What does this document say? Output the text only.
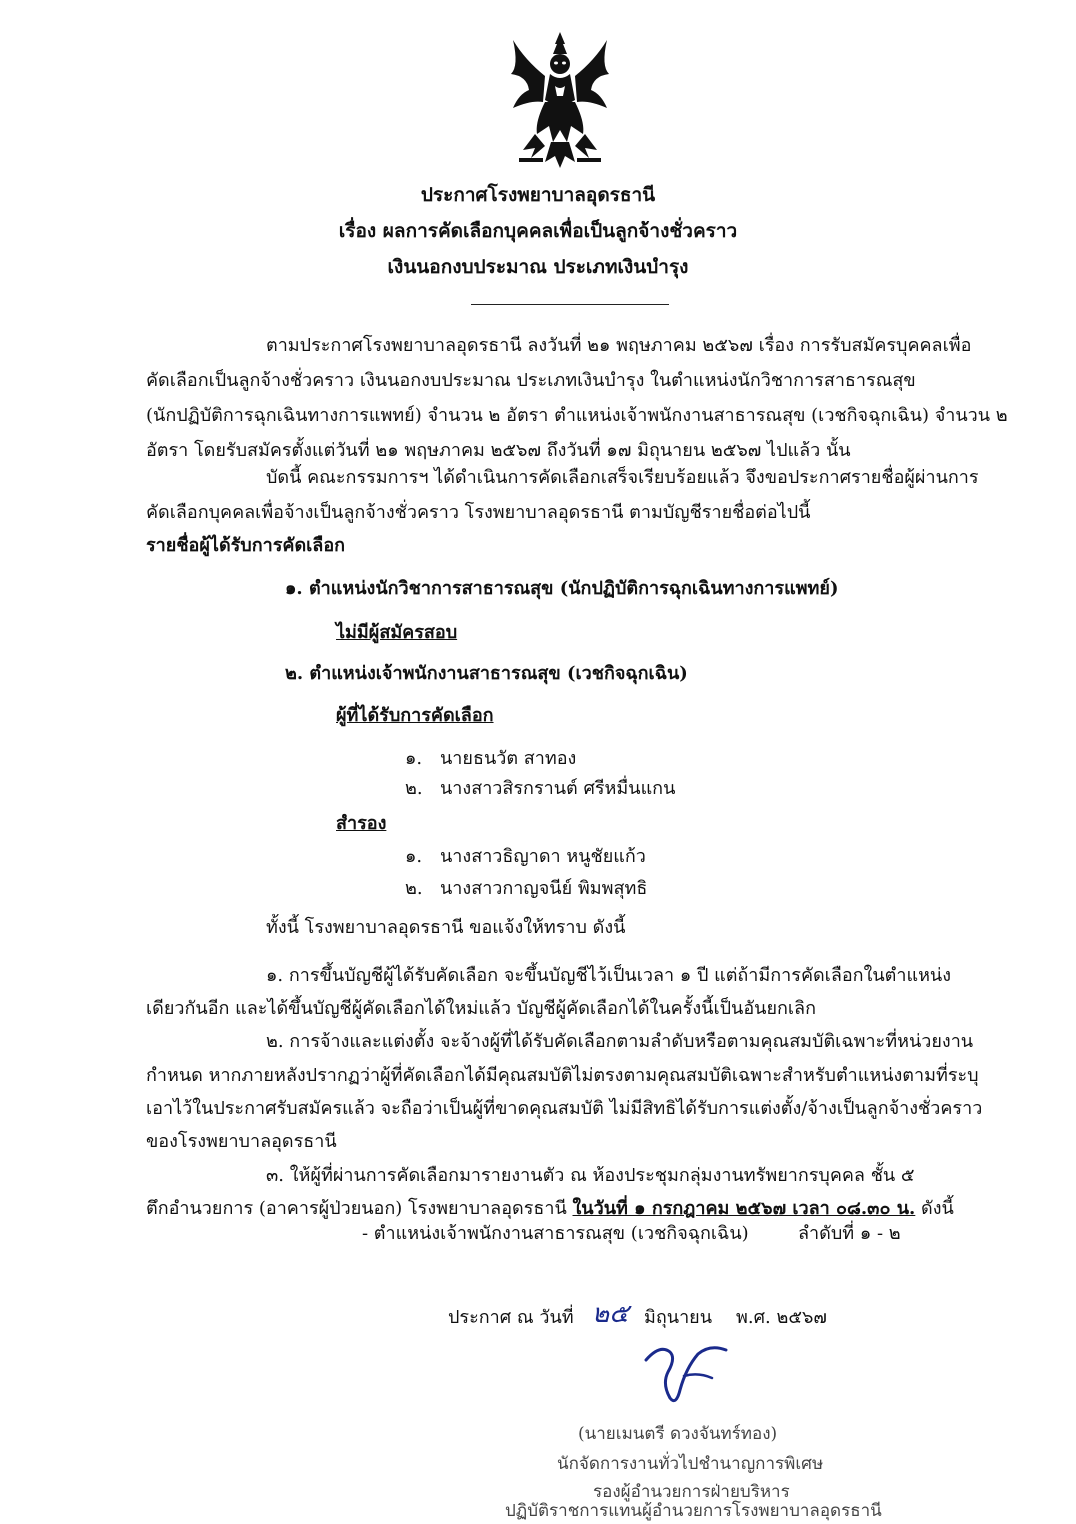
ประกาศโรงพยาบาลอุดรธานี
เรื่อง ผลการคัดเลือกบุคคลเพื่อเป็นลูกจ้างชั่วคราว
เงินนอกงบประมาณ ประเภทเงินบำรุง
ตามประกาศโรงพยาบาลอุดรธานี ลงวันที่ ๒๑ พฤษภาคม ๒๕๖๗ เรื่อง การรับสมัครบุคคลเพื่อ
คัดเลือกเป็นลูกจ้างชั่วคราว เงินนอกงบประมาณ ประเภทเงินบำรุง ในตำแหน่งนักวิชาการสาธารณสุข
(นักปฏิบัติการฉุกเฉินทางการแพทย์) จำนวน ๒ อัตรา ตำแหน่งเจ้าพนักงานสาธารณสุข (เวชกิจฉุกเฉิน) จำนวน ๒
อัตรา โดยรับสมัครตั้งแต่วันที่ ๒๑ พฤษภาคม ๒๕๖๗ ถึงวันที่ ๑๗ มิถุนายน ๒๕๖๗ ไปแล้ว นั้น
บัดนี้ คณะกรรมการฯ ได้ดำเนินการคัดเลือกเสร็จเรียบร้อยแล้ว จึงขอประกาศรายชื่อผู้ผ่านการ
คัดเลือกบุคคลเพื่อจ้างเป็นลูกจ้างชั่วคราว โรงพยาบาลอุดรธานี ตามบัญชีรายชื่อต่อไปนี้
รายชื่อผู้ได้รับการคัดเลือก
๑. ตำแหน่งนักวิชาการสาธารณสุข (นักปฏิบัติการฉุกเฉินทางการแพทย์)
ไม่มีผู้สมัครสอบ
๒. ตำแหน่งเจ้าพนักงานสาธารณสุข (เวชกิจฉุกเฉิน)
ผู้ที่ได้รับการคัดเลือก
๑. นายธนวัต สาทอง
๒. นางสาวสิรกรานต์ ศรีหมื่นแกน
สำรอง
๑. นางสาวธิญาดา หนูชัยแก้ว
๒. นางสาวกาญจนีย์ พิมพสุทธิ
ทั้งนี้ โรงพยาบาลอุดรธานี ขอแจ้งให้ทราบ ดังนี้
๑. การขึ้นบัญชีผู้ได้รับคัดเลือก จะขึ้นบัญชีไว้เป็นเวลา ๑ ปี แต่ถ้ามีการคัดเลือกในตำแหน่ง
เดียวกันอีก และได้ขึ้นบัญชีผู้คัดเลือกได้ใหม่แล้ว บัญชีผู้คัดเลือกได้ในครั้งนี้เป็นอันยกเลิก
๒. การจ้างและแต่งตั้ง จะจ้างผู้ที่ได้รับคัดเลือกตามลำดับหรือตามคุณสมบัติเฉพาะที่หน่วยงาน
กำหนด หากภายหลังปรากฏว่าผู้ที่คัดเลือกได้มีคุณสมบัติไม่ตรงตามคุณสมบัติเฉพาะสำหรับตำแหน่งตามที่ระบุ
เอาไว้ในประกาศรับสมัครแล้ว จะถือว่าเป็นผู้ที่ขาดคุณสมบัติ ไม่มีสิทธิได้รับการแต่งตั้ง/จ้างเป็นลูกจ้างชั่วคราว
ของโรงพยาบาลอุดรธานี
๓. ให้ผู้ที่ผ่านการคัดเลือกมารายงานตัว ณ ห้องประชุมกลุ่มงานทรัพยากรบุคคล ชั้น ๕
ตึกอำนวยการ (อาคารผู้ป่วยนอก) โรงพยาบาลอุดรธานี ในวันที่ ๑ กรกฎาคม ๒๕๖๗ เวลา ๐๘.๓๐ น. ดังนี้
- ตำแหน่งเจ้าพนักงานสาธารณสุข (เวชกิจฉุกเฉิน)	ลำดับที่ ๑ - ๒
ประกาศ ณ วันที่ ๒๕ มิถุนายน พ.ศ. ๒๕๖๗
(นายเมนตรี ดวงจันทร์ทอง)
นักจัดการงานทั่วไปชำนาญการพิเศษ
รองผู้อำนวยการฝ่ายบริหาร
ปฏิบัติราชการแทนผู้อำนวยการโรงพยาบาลอุดรธานี
